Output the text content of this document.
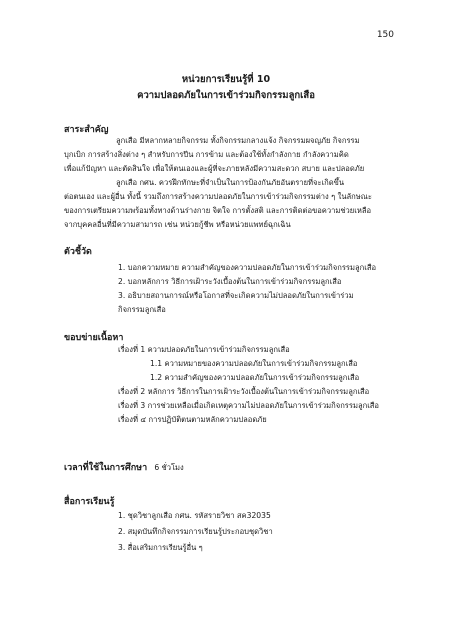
150
หน่วยการเรียนรู้ที่ 10
ความปลอดภัยในการเข้าร่วมกิจกรรมลูกเสือ
สาระสำคัญ
ลูกเสือ มีหลากหลายกิจกรรม ทั้งกิจกรรมกลางแจ้ง กิจกรรมผจญภัย กิจกรรม
บุกเบิก การสร้างสิ่งต่าง ๆ สำหรับการปีน การข้าม และต้องใช้ทั้งกำลังกาย กำลังความคิด
เพื่อแก้ปัญหา และตัดสินใจ เพื่อให้ตนเองและผู้ที่จะภายหลังมีความสะดวก สบาย และปลอดภัย
ลูกเสือ กศน. ควรฝึกทักษะที่จำเป็นในการป้องกันภัยอันตรายที่จะเกิดขึ้น
ต่อตนเอง และผู้อื่น ทั้งนี้ รวมถึงการสร้างความปลอดภัยในการเข้าร่วมกิจกรรมต่าง ๆ ในลักษณะ
ของการเตรียมความพร้อมทั้งทางด้านร่างกาย จิตใจ การตั้งสติ และการติดต่อขอความช่วยเหลือ
จากบุคคลอื่นที่มีความสามารถ เช่น หน่วยกู้ชีพ หรือหน่วยแพทย์ฉุกเฉิน
ตัวชี้วัด
1. บอกความหมาย ความสำคัญของความปลอดภัยในการเข้าร่วมกิจกรรมลูกเสือ
2. บอกหลักการ วิธีการเฝ้าระวังเบื้องต้นในการเข้าร่วมกิจกรรมลูกเสือ
3. อธิบายสถานการณ์หรือโอกาสที่จะเกิดความไม่ปลอดภัยในการเข้าร่วม
กิจกรรมลูกเสือ
ขอบข่ายเนื้อหา
เรื่องที่ 1 ความปลอดภัยในการเข้าร่วมกิจกรรมลูกเสือ
1.1 ความหมายของความปลอดภัยในการเข้าร่วมกิจกรรมลูกเสือ
1.2 ความสำคัญของความปลอดภัยในการเข้าร่วมกิจกรรมลูกเสือ
เรื่องที่ 2 หลักการ วิธีการในการเฝ้าระวังเบื้องต้นในการเข้าร่วมกิจกรรมลูกเสือ
เรื่องที่ 3 การช่วยเหลือเมื่อเกิดเหตุความไม่ปลอดภัยในการเข้าร่วมกิจกรรมลูกเสือ
เรื่องที่ ๔ การปฏิบัติตนตามหลักความปลอดภัย
เวลาที่ใช้ในการศึกษา 6 ชั่วโมง
สื่อการเรียนรู้
1. ชุดวิชาลูกเสือ กศน. รหัสรายวิชา สค32035
2. สมุดบันทึกกิจกรรมการเรียนรู้ประกอบชุดวิชา
3. สื่อเสริมการเรียนรู้อื่น ๆ
